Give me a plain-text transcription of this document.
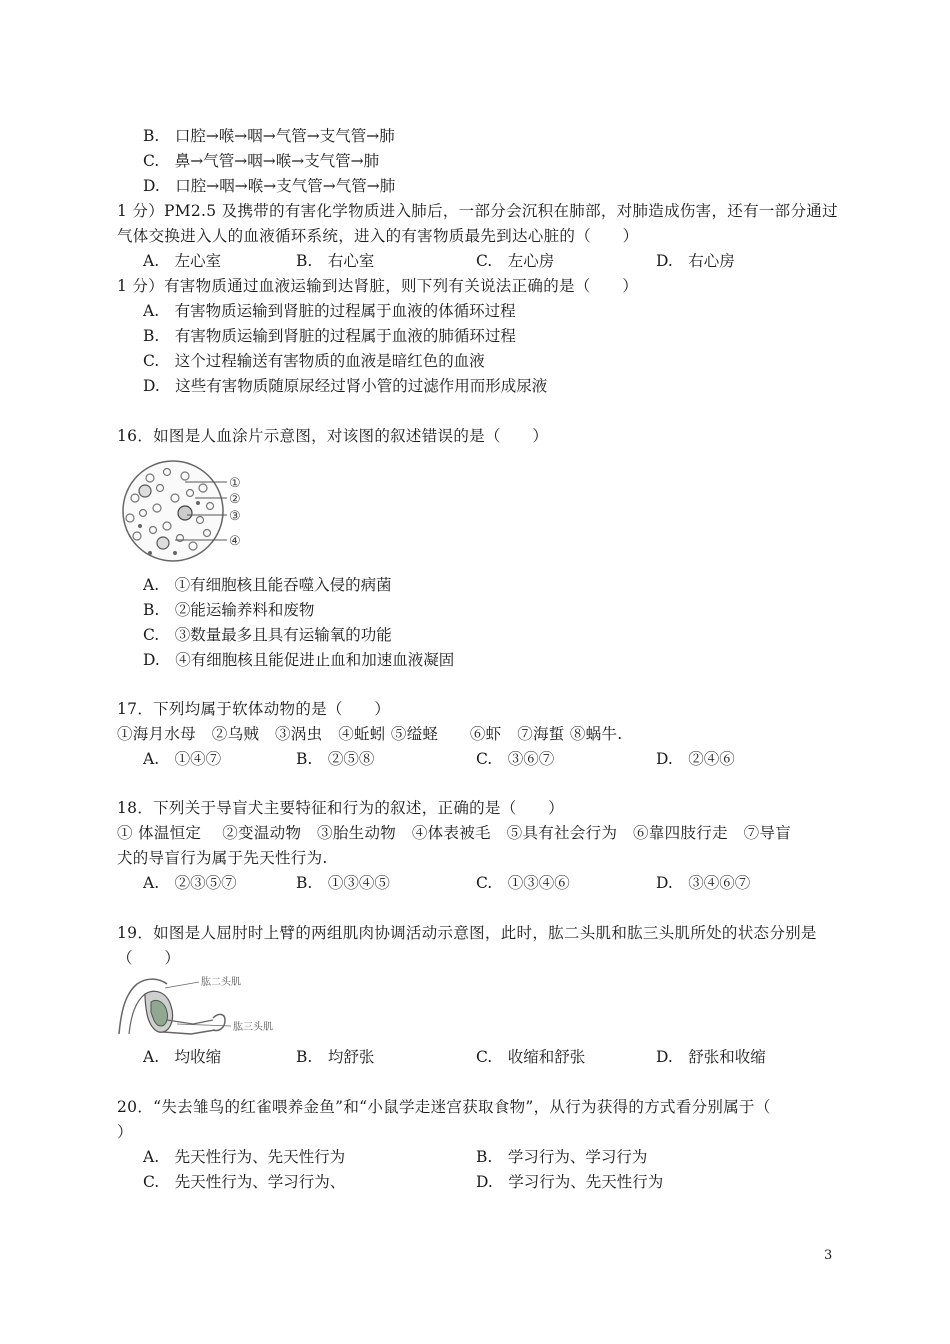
B.　口腔→喉→咽→气管→支气管→肺
C.　鼻→气管→咽→喉→支气管→肺
D.　口腔→咽→喉→支气管→气管→肺
1 分）PM2.5 及携带的有害化学物质进入肺后，一部分会沉积在肺部，对肺造成伤害，还有一部分通过
气体交换进入人的血液循环系统，进入的有害物质最先到达心脏的（　　）
A.　左心室	B.　右心室	C.　左心房	D.　右心房
1 分）有害物质通过血液运输到达肾脏，则下列有关说法正确的是（　　）
A.　有害物质运输到肾脏的过程属于血液的体循环过程
B.　有害物质运输到肾脏的过程属于血液的肺循环过程
C.　这个过程输送有害物质的血液是暗红色的血液
D.　这些有害物质随原尿经过肾小管的过滤作用而形成尿液
16．如图是人血涂片示意图，对该图的叙述错误的是（　　）
①
②
③
④
A.　①有细胞核且能吞噬入侵的病菌
B.　②能运输养料和废物
C.　③数量最多且具有运输氧的功能
D.　④有细胞核且能促进止血和加速血液凝固
17．下列均属于软体动物的是（　　）
①海月水母　②乌贼　③涡虫　④蚯蚓 ⑤缢蛏　　⑥虾　⑦海蜇 ⑧蜗牛.
A.　①④⑦	B.　②⑤⑧	C.　③⑥⑦	D.　②④⑥
18．下列关于导盲犬主要特征和行为的叙述，正确的是（　　）
① 体温恒定　 ②变温动物　③胎生动物　④体表被毛　⑤具有社会行为　⑥靠四肢行走　⑦导盲
犬的导盲行为属于先天性行为.
A.　②③⑤⑦	B.　①③④⑤	C.　①③④⑥	D.　③④⑥⑦
19．如图是人屈肘时上臂的两组肌肉协调活动示意图，此时，肱二头肌和肱三头肌所处的状态分别是
（　　）
肱二头肌
肱三头肌
A.　均收缩	B.　均舒张	C.　收缩和舒张	D.　舒张和收缩
20．“失去雏鸟的红雀喂养金鱼”和“小鼠学走迷宫获取食物”，从行为获得的方式看分别属于（
）
A.　先天性行为、先天性行为	B.　学习行为、学习行为
C.　先天性行为、学习行为、	D.　学习行为、先天性行为
3
